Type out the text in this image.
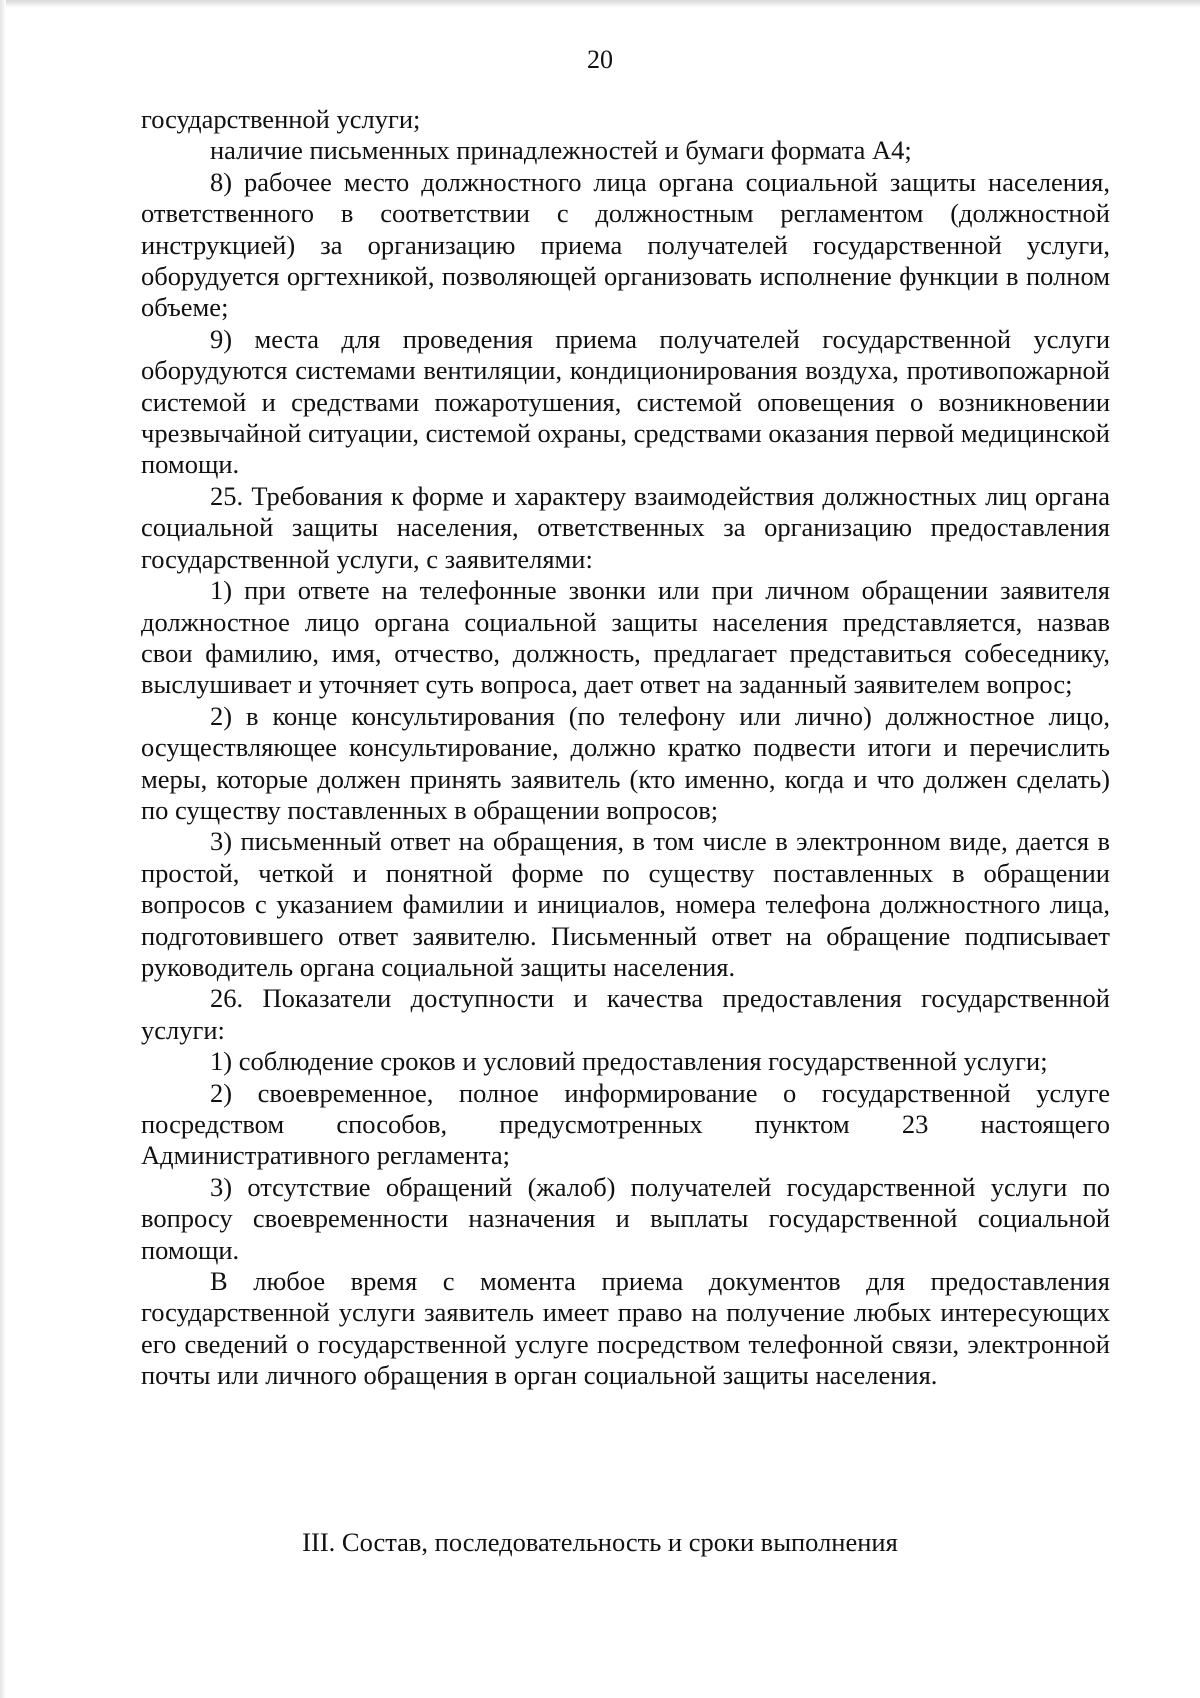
20

государственной услуги;

наличие письменных принадлежностей и бумаги формата А4;

8) рабочее место должностного лица органа социальной защиты населения, ответственного в соответствии с должностным регламентом (должностной инструкцией) за организацию приема получателей государственной услуги, оборудуется оргтехникой, позволяющей организовать исполнение функции в полном объеме;

9) места для проведения приема получателей государственной услуги оборудуются системами вентиляции, кондиционирования воздуха, противопожарной системой и средствами пожаротушения, системой оповещения о возникновении чрезвычайной ситуации, системой охраны, средствами оказания первой медицинской помощи.

25. Требования к форме и характеру взаимодействия должностных лиц органа социальной защиты населения, ответственных за организацию предоставления государственной услуги, с заявителями:

1) при ответе на телефонные звонки или при личном обращении заявителя должностное лицо органа социальной защиты населения представляется, назвав свои фамилию, имя, отчество, должность, предлагает представиться собеседнику, выслушивает и уточняет суть вопроса, дает ответ на заданный заявителем вопрос;

2) в конце консультирования (по телефону или лично) должностное лицо, осуществляющее консультирование, должно кратко подвести итоги и перечислить меры, которые должен принять заявитель (кто именно, когда и что должен сделать) по существу поставленных в обращении вопросов;

3) письменный ответ на обращения, в том числе в электронном виде, дается в простой, четкой и понятной форме по существу поставленных в обращении вопросов с указанием фамилии и инициалов, номера телефона должностного лица, подготовившего ответ заявителю. Письменный ответ на обращение подписывает руководитель органа социальной защиты населения.

26. Показатели доступности и качества предоставления государственной услуги:

1) соблюдение сроков и условий предоставления государственной услуги;

2) своевременное, полное информирование о государственной услуге посредством способов, предусмотренных пунктом 23 настоящего Административного регламента;

3) отсутствие обращений (жалоб) получателей государственной услуги по вопросу своевременности назначения и выплаты государственной социальной помощи.

В любое время с момента приема документов для предоставления государственной услуги заявитель имеет право на получение любых интересующих его сведений о государственной услуге посредством телефонной связи, электронной почты или личного обращения в орган социальной защиты населения.

III. Состав, последовательность и сроки выполнения
